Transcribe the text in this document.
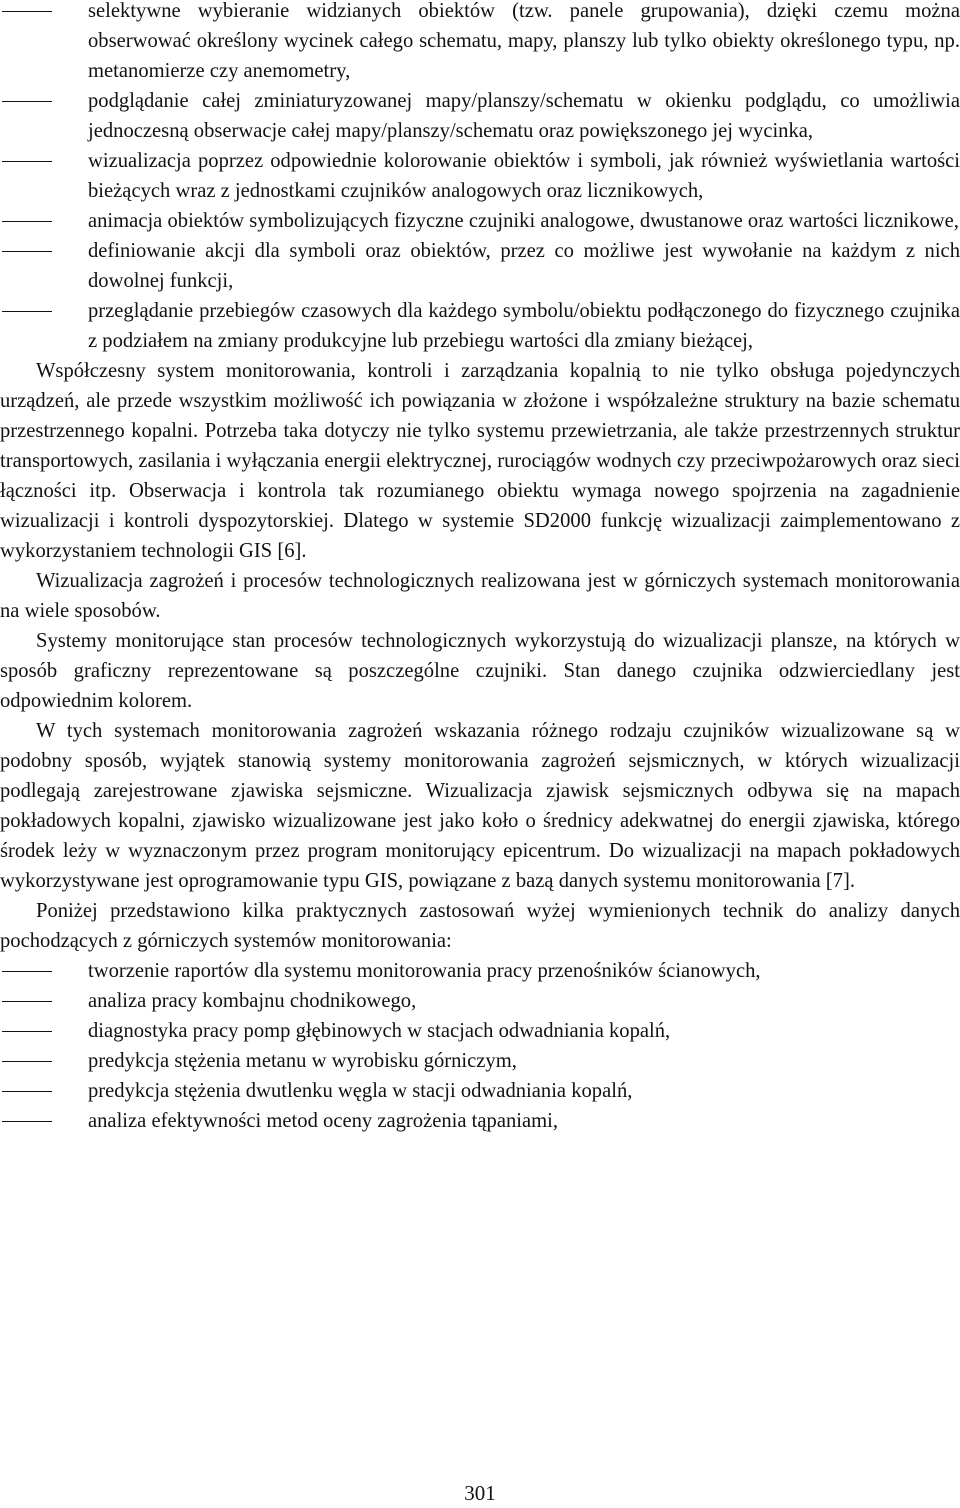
selektywne wybieranie widzianych obiektów (tzw. panele grupowania), dzięki czemu można obserwować określony wycinek całego schematu, mapy, planszy lub tylko obiekty określonego typu, np. metanomierze czy anemometry,
podglądanie całej zminiaturyzowanej mapy/planszy/schematu w okienku podglądu, co umożliwia jednoczesną obserwacje całej mapy/planszy/schematu oraz powiększonego jej wycinka,
wizualizacja poprzez odpowiednie kolorowanie obiektów i symboli, jak również wyświetlania wartości bieżących wraz z jednostkami czujników analogowych oraz licznikowych,
animacja obiektów symbolizujących fizyczne czujniki analogowe, dwustanowe oraz wartości licznikowe,
definiowanie akcji dla symboli oraz obiektów, przez co możliwe jest wywołanie na każdym z nich dowolnej funkcji,
przeglądanie przebiegów czasowych dla każdego symbolu/obiektu podłączonego do fizycznego czujnika z podziałem na zmiany produkcyjne lub przebiegu wartości dla zmiany bieżącej,

Współczesny system monitorowania, kontroli i zarządzania kopalnią to nie tylko obsługa pojedynczych urządzeń, ale przede wszystkim możliwość ich powiązania w złożone i współzależne struktury na bazie schematu przestrzennego kopalni. Potrzeba taka dotyczy nie tylko systemu przewietrzania, ale także przestrzennych struktur transportowych, zasilania i wyłączania energii elektrycznej, rurociągów wodnych czy przeciwpożarowych oraz sieci łączności itp. Obserwacja i kontrola tak rozumianego obiektu wymaga nowego spojrzenia na zagadnienie wizualizacji i kontroli dyspozytorskiej. Dlatego w systemie SD2000 funkcję wizualizacji zaimplementowano z wykorzystaniem technologii GIS [6].

Wizualizacja zagrożeń i procesów technologicznych realizowana jest w górniczych systemach monitorowania na wiele sposobów.

Systemy monitorujące stan procesów technologicznych wykorzystują do wizualizacji plansze, na których w sposób graficzny reprezentowane są poszczególne czujniki. Stan danego czujnika odzwierciedlany jest odpowiednim kolorem.

W tych systemach monitorowania zagrożeń wskazania różnego rodzaju czujników wizualizowane są w podobny sposób, wyjątek stanowią systemy monitorowania zagrożeń sejsmicznych, w których wizualizacji podlegają zarejestrowane zjawiska sejsmiczne. Wizualizacja zjawisk sejsmicznych odbywa się na mapach pokładowych kopalni, zjawisko wizualizowane jest jako koło o średnicy adekwatnej do energii zjawiska, którego środek leży w wyznaczonym przez program monitorujący epicentrum. Do wizualizacji na mapach pokładowych wykorzystywane jest oprogramowanie typu GIS, powiązane z bazą danych systemu monitorowania [7].

Poniżej przedstawiono kilka praktycznych zastosowań wyżej wymienionych technik do analizy danych pochodzących z górniczych systemów monitorowania:

tworzenie raportów dla systemu monitorowania pracy przenośników ścianowych,
analiza pracy kombajnu chodnikowego,
diagnostyka pracy pomp głębinowych w stacjach odwadniania kopalń,
predykcja stężenia metanu w wyrobisku górniczym,
predykcja stężenia dwutlenku węgla w stacji odwadniania kopalń,
analiza efektywności metod oceny zagrożenia tąpaniami,
301
